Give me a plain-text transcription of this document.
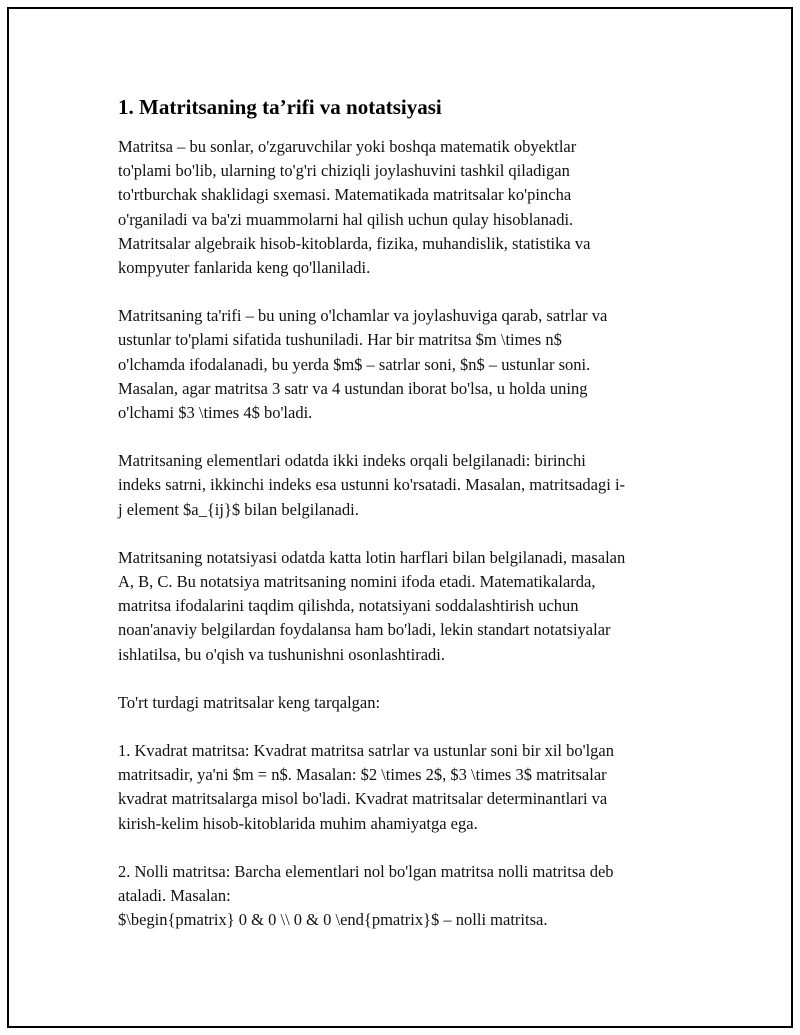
1. Matritsaning ta’rifi va notatsiyasi
Matritsa – bu sonlar, o'zgaruvchilar yoki boshqa matematik obyektlar
to'plami bo'lib, ularning to'g'ri chiziqli joylashuvini tashkil qiladigan
to'rtburchak shaklidagi sxemasi. Matematikada matritsalar ko'pincha
o'rganiladi va ba'zi muammolarni hal qilish uchun qulay hisoblanadi.
Matritsalar algebraik hisob-kitoblarda, fizika, muhandislik, statistika va
kompyuter fanlarida keng qo'llaniladi.
Matritsaning ta'rifi – bu uning o'lchamlar va joylashuviga qarab, satrlar va
ustunlar to'plami sifatida tushuniladi. Har bir matritsa $m \times n$
o'lchamda ifodalanadi, bu yerda $m$ – satrlar soni, $n$ – ustunlar soni.
Masalan, agar matritsa 3 satr va 4 ustundan iborat bo'lsa, u holda uning
o'lchami $3 \times 4$ bo'ladi.
Matritsaning elementlari odatda ikki indeks orqali belgilanadi: birinchi
indeks satrni, ikkinchi indeks esa ustunni ko'rsatadi. Masalan, matritsadagi i-
j element $a_{ij}$ bilan belgilanadi.
Matritsaning notatsiyasi odatda katta lotin harflari bilan belgilanadi, masalan
A, B, C. Bu notatsiya matritsaning nomini ifoda etadi. Matematikalarda,
matritsa ifodalarini taqdim qilishda, notatsiyani soddalashtirish uchun
noan'anaviy belgilardan foydalansa ham bo'ladi, lekin standart notatsiyalar
ishlatilsa, bu o'qish va tushunishni osonlashtiradi.
To'rt turdagi matritsalar keng tarqalgan:
1. Kvadrat matritsa: Kvadrat matritsa satrlar va ustunlar soni bir xil bo'lgan
matritsadir, ya'ni $m = n$. Masalan: $2 \times 2$, $3 \times 3$ matritsalar
kvadrat matritsalarga misol bo'ladi. Kvadrat matritsalar determinantlari va
kirish-kelim hisob-kitoblarida muhim ahamiyatga ega.
2. Nolli matritsa: Barcha elementlari nol bo'lgan matritsa nolli matritsa deb
ataladi. Masalan:
$\begin{pmatrix} 0 & 0 \\ 0 & 0 \end{pmatrix}$ – nolli matritsa.
